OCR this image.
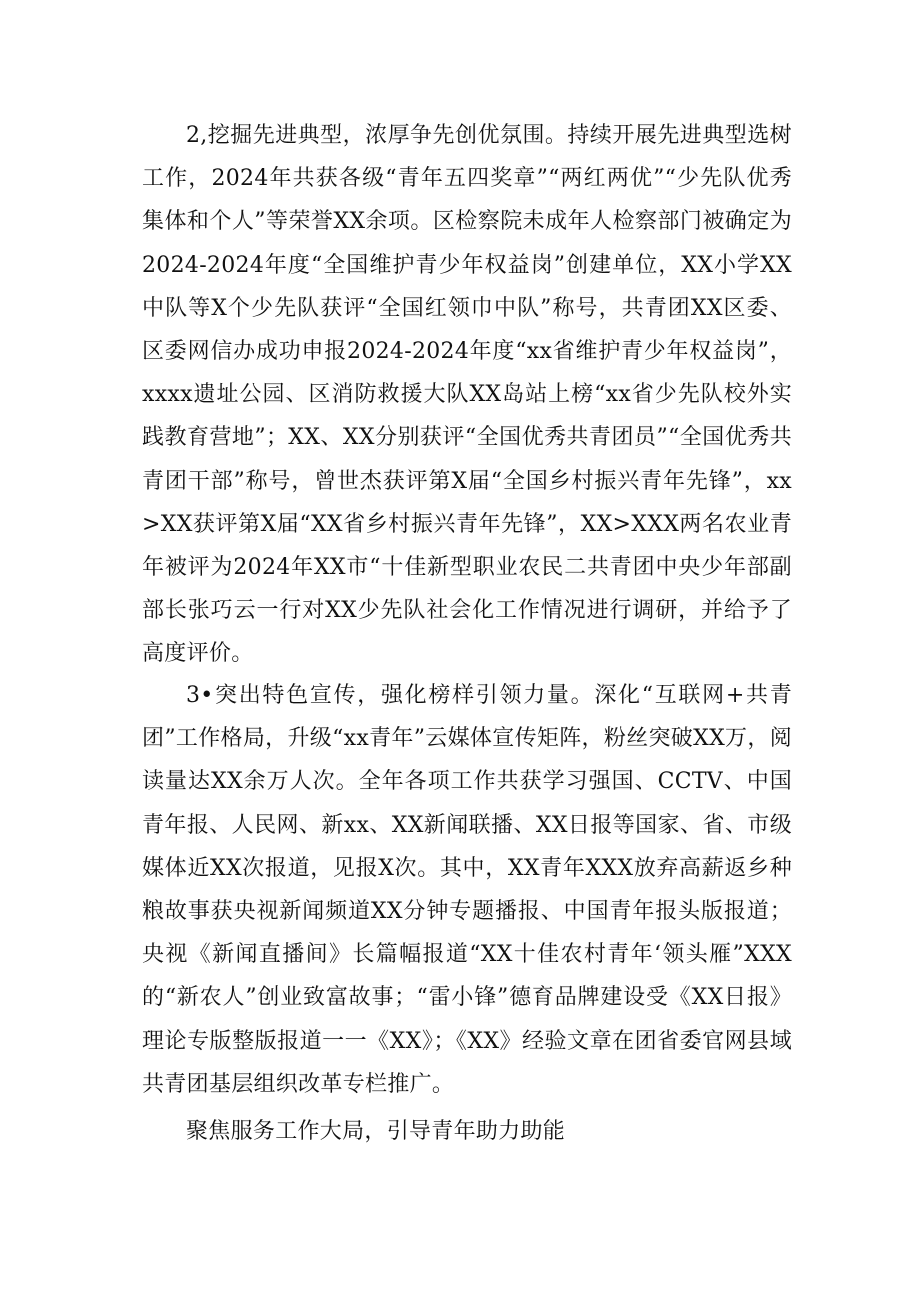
2,挖掘先进典型，浓厚争先创优氛围。持续开展先进典型选树工作，2024年共获各级“青年五四奖章”“两红两优”“少先队优秀集体和个人”等荣誉XX余项。区检察院未成年人检察部门被确定为2024-2024年度“全国维护青少年权益岗”创建单位，XX小学XX中队等X个少先队获评“全国红领巾中队”称号，共青团XX区委、区委网信办成功申报2024-2024年度“xx省维护青少年权益岗”，xxxx遗址公园、区消防救援大队XX岛站上榜“xx省少先队校外实践教育营地”；XX、XX分别获评“全国优秀共青团员”“全国优秀共青团干部”称号，曾世杰获评第X届“全国乡村振兴青年先锋”，xx>XX获评第X届“XX省乡村振兴青年先锋”，XX>XXX两名农业青年被评为2024年XX市“十佳新型职业农民二共青团中央少年部副部长张巧云一行对XX少先队社会化工作情况进行调研，并给予了高度评价。

3•突出特色宣传，强化榜样引领力量。深化“互联网+共青团”工作格局，升级“xx青年”云媒体宣传矩阵，粉丝突破XX万，阅读量达XX余万人次。全年各项工作共获学习强国、CCTV、中国青年报、人民网、新xx、XX新闻联播、XX日报等国家、省、市级媒体近XX次报道，见报X次。其中，XX青年XXX放弃高薪返乡种粮故事获央视新闻频道XX分钟专题播报、中国青年报头版报道；央视《新闻直播间》长篇幅报道“XX十佳农村青年‘领头雁”XXX的“新农人”创业致富故事；“雷小锋”德育品牌建设受《XX日报》理论专版整版报道一一《XX》；《XX》经验文章在团省委官网县域共青团基层组织改革专栏推广。

聚焦服务工作大局，引导青年助力助能
